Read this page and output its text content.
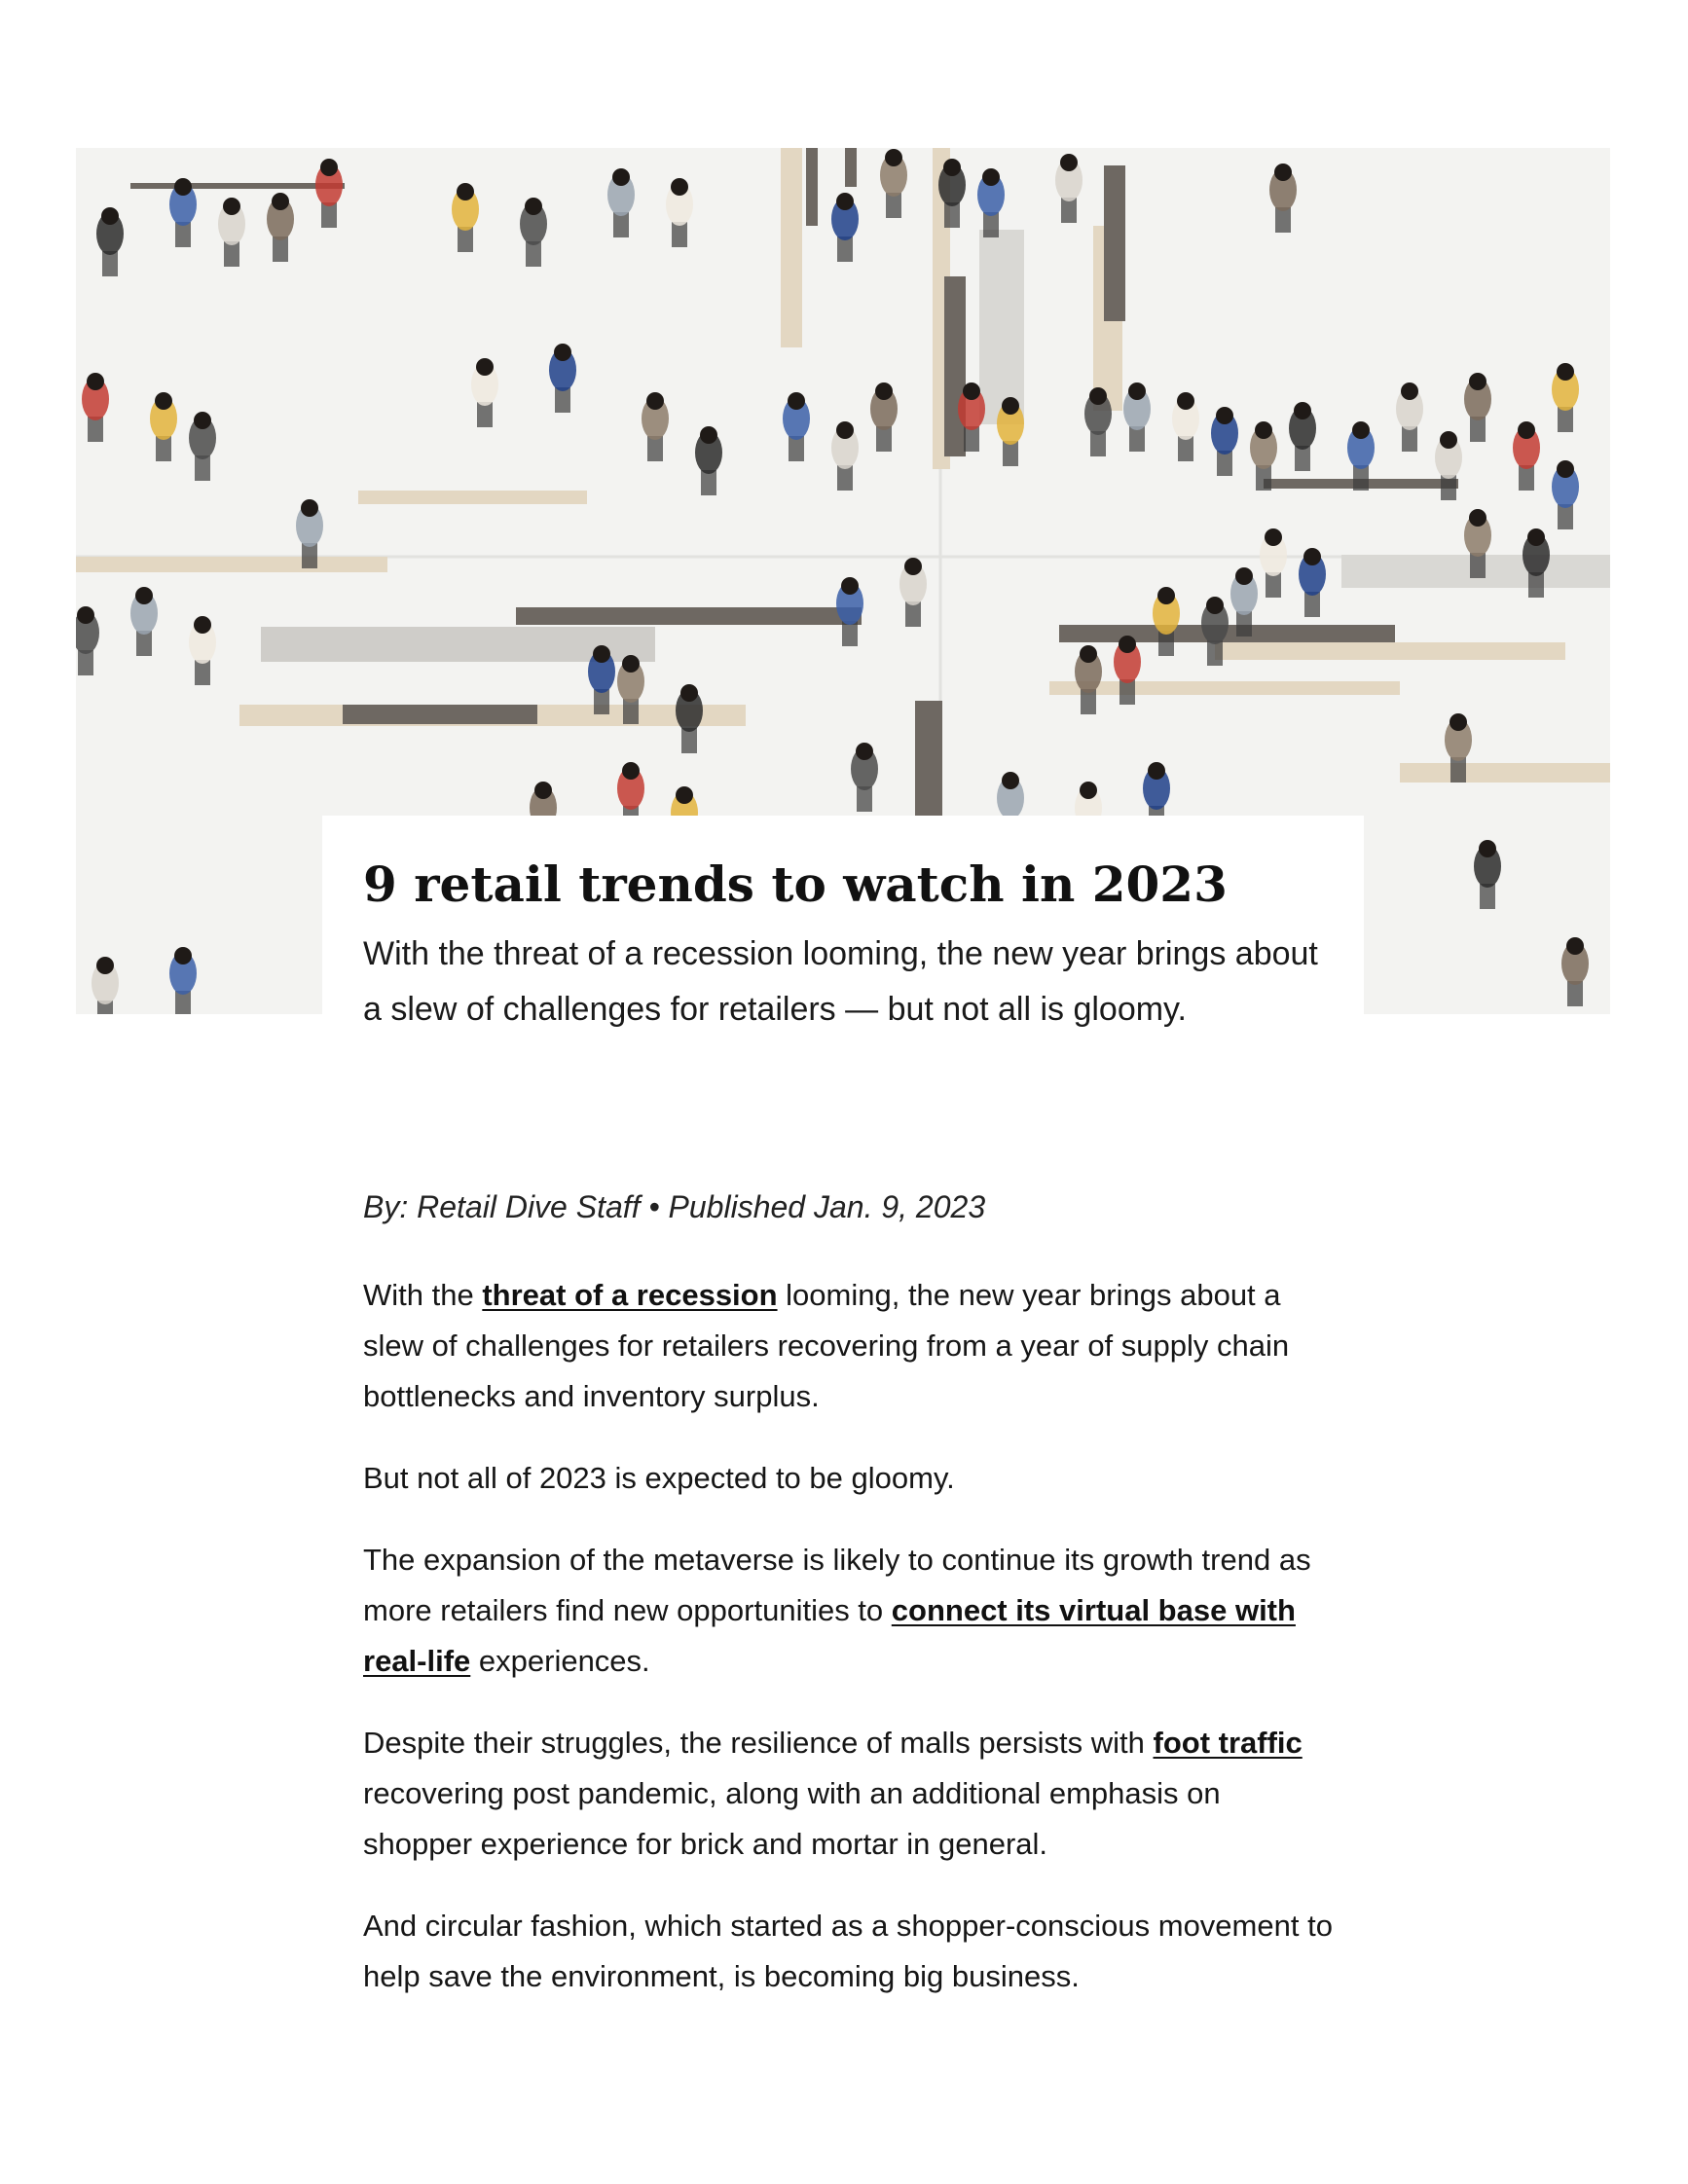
9 retail trends to watch in 2023

With the threat of a recession looming, the new year brings about a slew of challenges for retailers — but not all is gloomy.

By: Retail Dive Staff • Published Jan. 9, 2023

With the threat of a recession looming, the new year brings about a slew of challenges for retailers recovering from a year of supply chain bottlenecks and inventory surplus.

But not all of 2023 is expected to be gloomy.

The expansion of the metaverse is likely to continue its growth trend as more retailers find new opportunities to connect its virtual base with real-life experiences.

Despite their struggles, the resilience of malls persists with foot traffic recovering post pandemic, along with an additional emphasis on shopper experience for brick and mortar in general.

And circular fashion, which started as a shopper-conscious movement to help save the environment, is becoming big business.
